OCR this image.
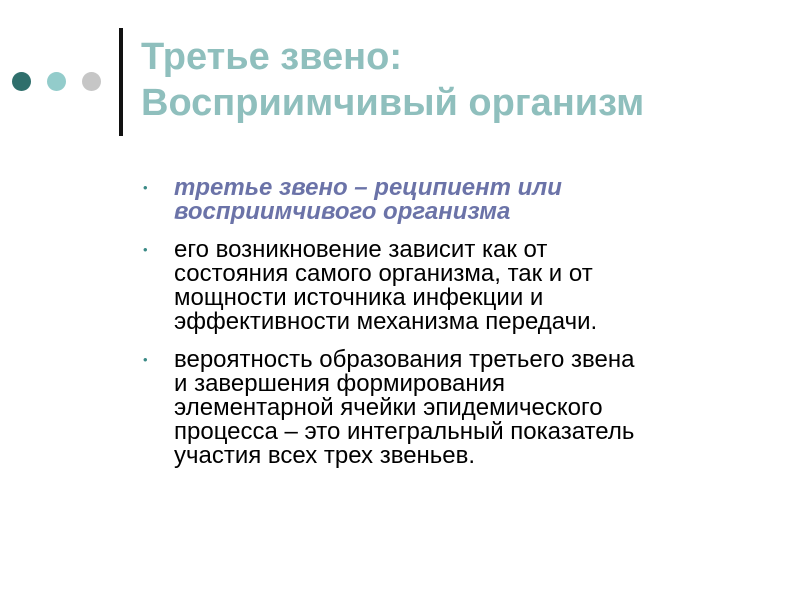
Третье звено:
Восприимчивый организм
• третье звено – реципиент или
восприимчивого организма
• его возникновение зависит как от
состояния самого организма, так и от
мощности источника инфекции и
эффективности механизма передачи.
• вероятность образования третьего звена
и завершения формирования
элементарной ячейки эпидемического
процесса – это интегральный показатель
участия всех трех звеньев.
